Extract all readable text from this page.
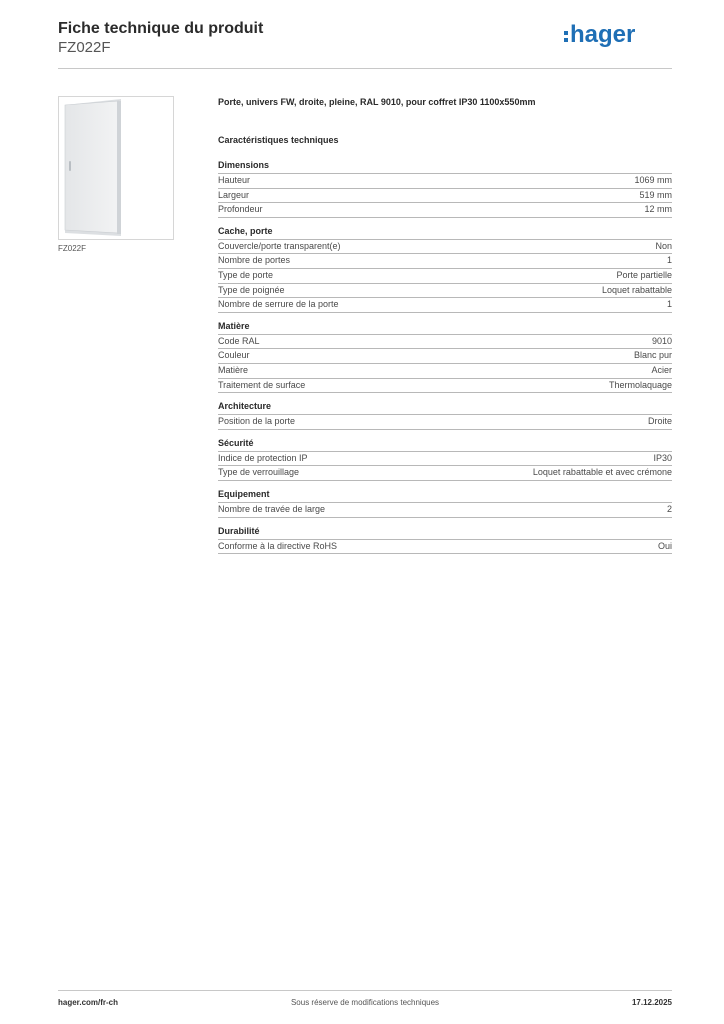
Fiche technique du produit
FZ022F	hager
FZ022F
Porte, univers FW, droite, pleine, RAL 9010, pour coffret IP30 1100x550mm
Caractéristiques techniques
Dimensions
Hauteur	1069 mm
Largeur	519 mm
Profondeur	12 mm
Cache, porte
Couvercle/porte transparent(e)	Non
Nombre de portes	1
Type de porte	Porte partielle
Type de poignée	Loquet rabattable
Nombre de serrure de la porte	1
Matière
Code RAL	9010
Couleur	Blanc pur
Matière	Acier
Traitement de surface	Thermolaquage
Architecture
Position de la porte	Droite
Sécurité
Indice de protection IP	IP30
Type de verrouillage	Loquet rabattable et avec crémone
Equipement
Nombre de travée de large	2
Durabilité
Conforme à la directive RoHS	Oui
hager.com/fr-ch	Sous réserve de modifications techniques	17.12.2025
